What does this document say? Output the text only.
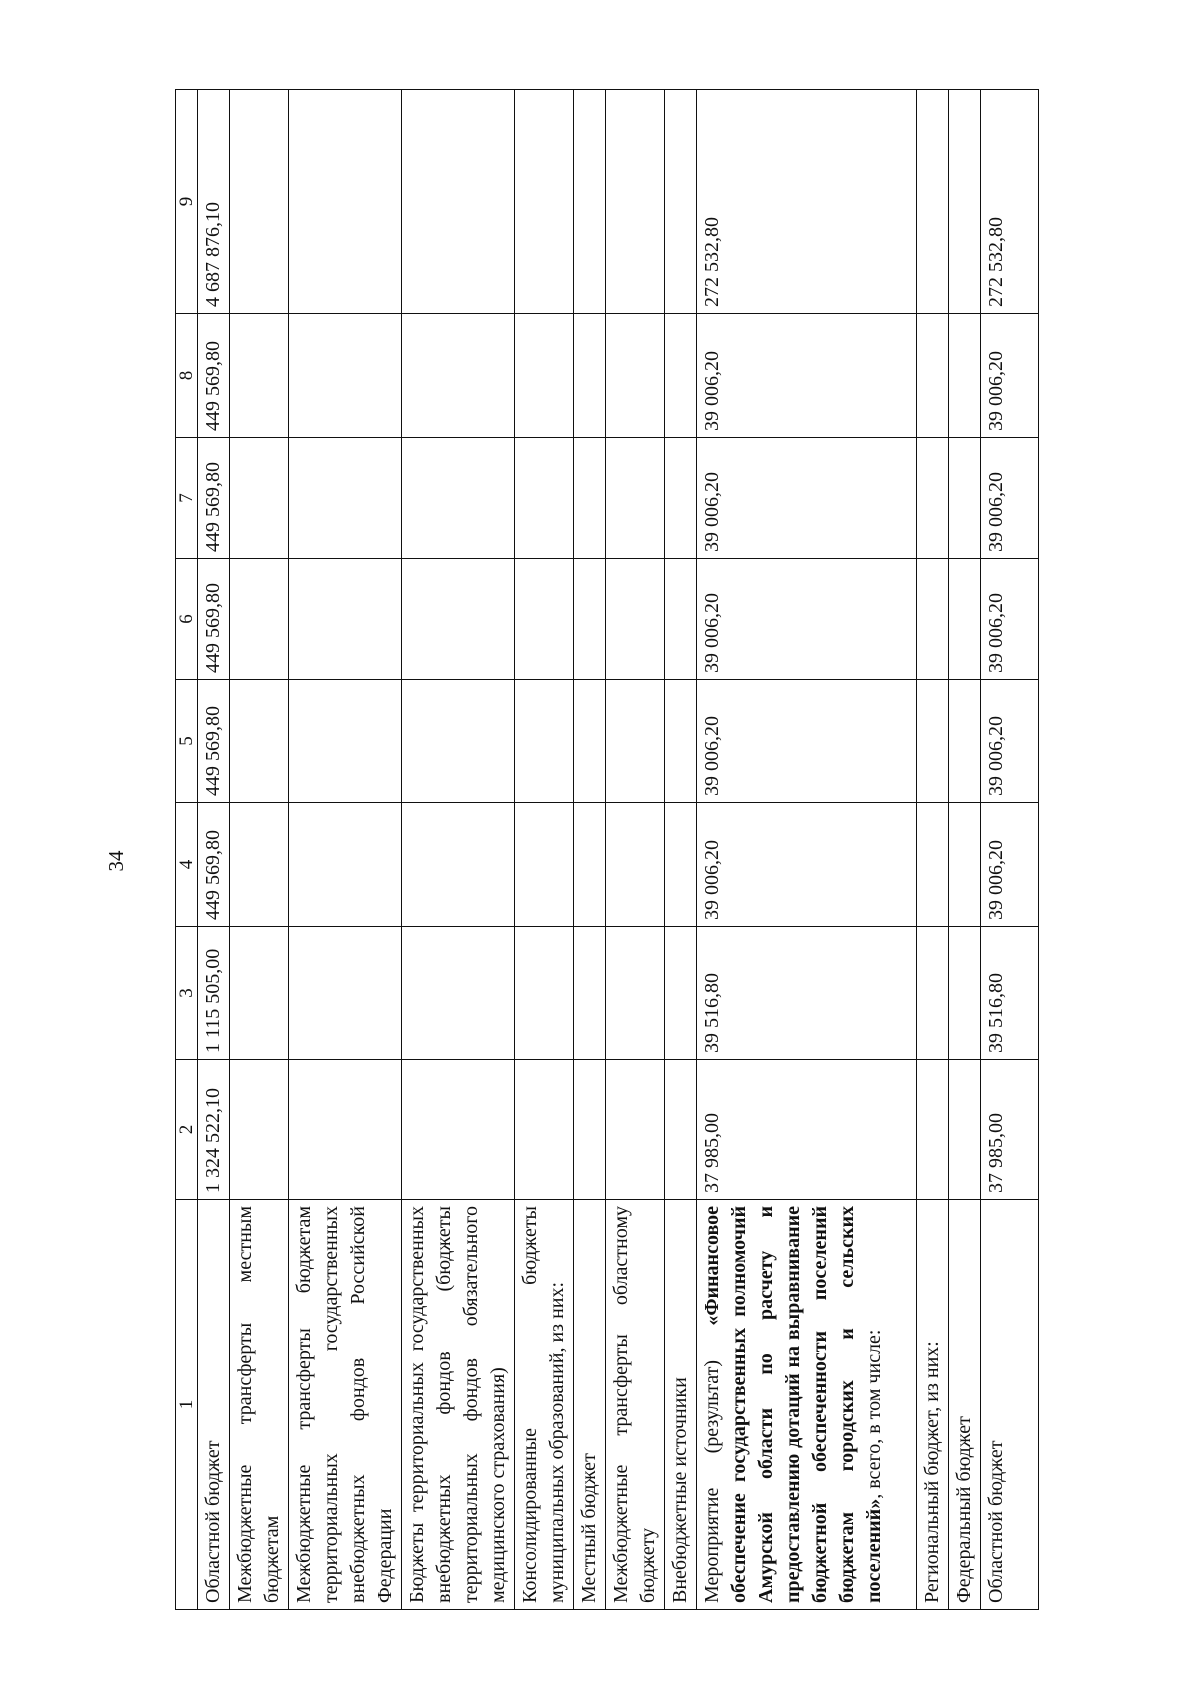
34
1	2	3	4	5	6	7	8	9
Областной бюджет	1 324 522,10	1 115 505,00	449 569,80	449 569,80	449 569,80	449 569,80	449 569,80	4 687 876,10
Межбюджетные трансферты местным бюджетам								
Межбюджетные трансферты бюджетам территориальных государственных внебюджетных фондов Российской Федерации								
Бюджеты территориальных государственных внебюджетных фондов (бюджеты территориальных фондов обязательного медицинского страхования)								
Консолидированные бюджеты муниципальных образований, из них:								
Местный бюджет								
Межбюджетные трансферты областному бюджету								
Внебюджетные источники								
Мероприятие (результат) «Финансовое обеспечение государственных полномочий Амурской области по расчету и предоставлению дотаций на выравнивание бюджетной обеспеченности поселений бюджетам городских и сельских поселений», всего, в том числе:	37 985,00	39 516,80	39 006,20	39 006,20	39 006,20	39 006,20	39 006,20	272 532,80
Региональный бюджет, из них:								
Федеральный бюджет								
Областной бюджет	37 985,00	39 516,80	39 006,20	39 006,20	39 006,20	39 006,20	39 006,20	272 532,80
